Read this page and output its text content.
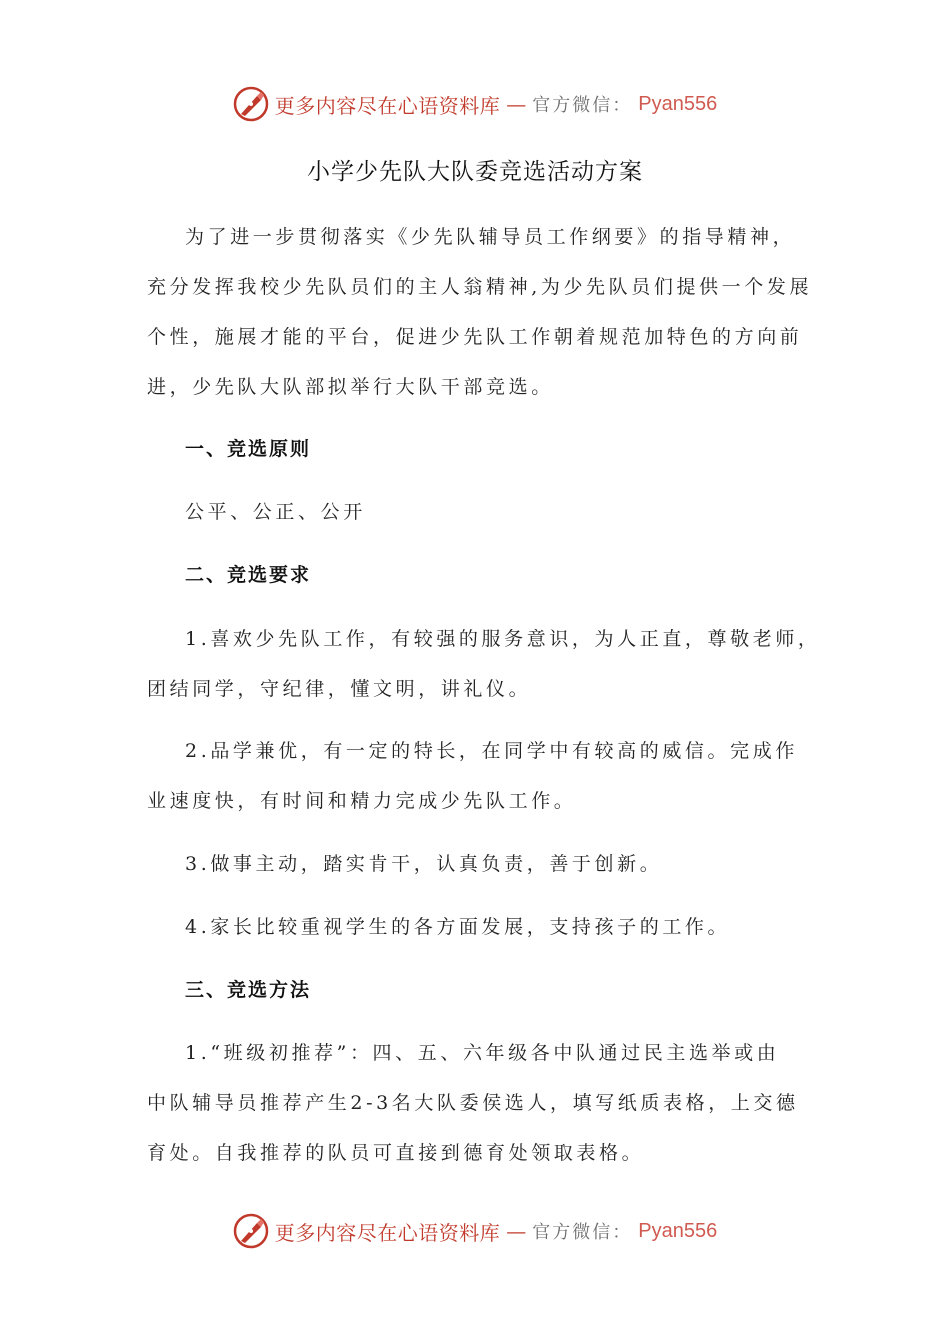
更多内容尽在心语资料库 — 官方微信： Pyan556
小学少先队大队委竞选活动方案
为了进一步贯彻落实《少先队辅导员工作纲要》的指导精神，
充分发挥我校少先队员们的主人翁精神,为少先队员们提供一个发展
个性，施展才能的平台，促进少先队工作朝着规范加特色的方向前
进，少先队大队部拟举行大队干部竞选。
一、竞选原则
公平、公正、公开
二、竞选要求
1.喜欢少先队工作，有较强的服务意识，为人正直，尊敬老师，
团结同学，守纪律，懂文明，讲礼仪。
2.品学兼优，有一定的特长，在同学中有较高的威信。完成作
业速度快，有时间和精力完成少先队工作。
3.做事主动，踏实肯干，认真负责，善于创新。
4.家长比较重视学生的各方面发展，支持孩子的工作。
三、竞选方法
1.“班级初推荐”：四、五、六年级各中队通过民主选举或由
中队辅导员推荐产生2-3名大队委侯选人，填写纸质表格，上交德
育处。自我推荐的队员可直接到德育处领取表格。
更多内容尽在心语资料库 — 官方微信： Pyan556
